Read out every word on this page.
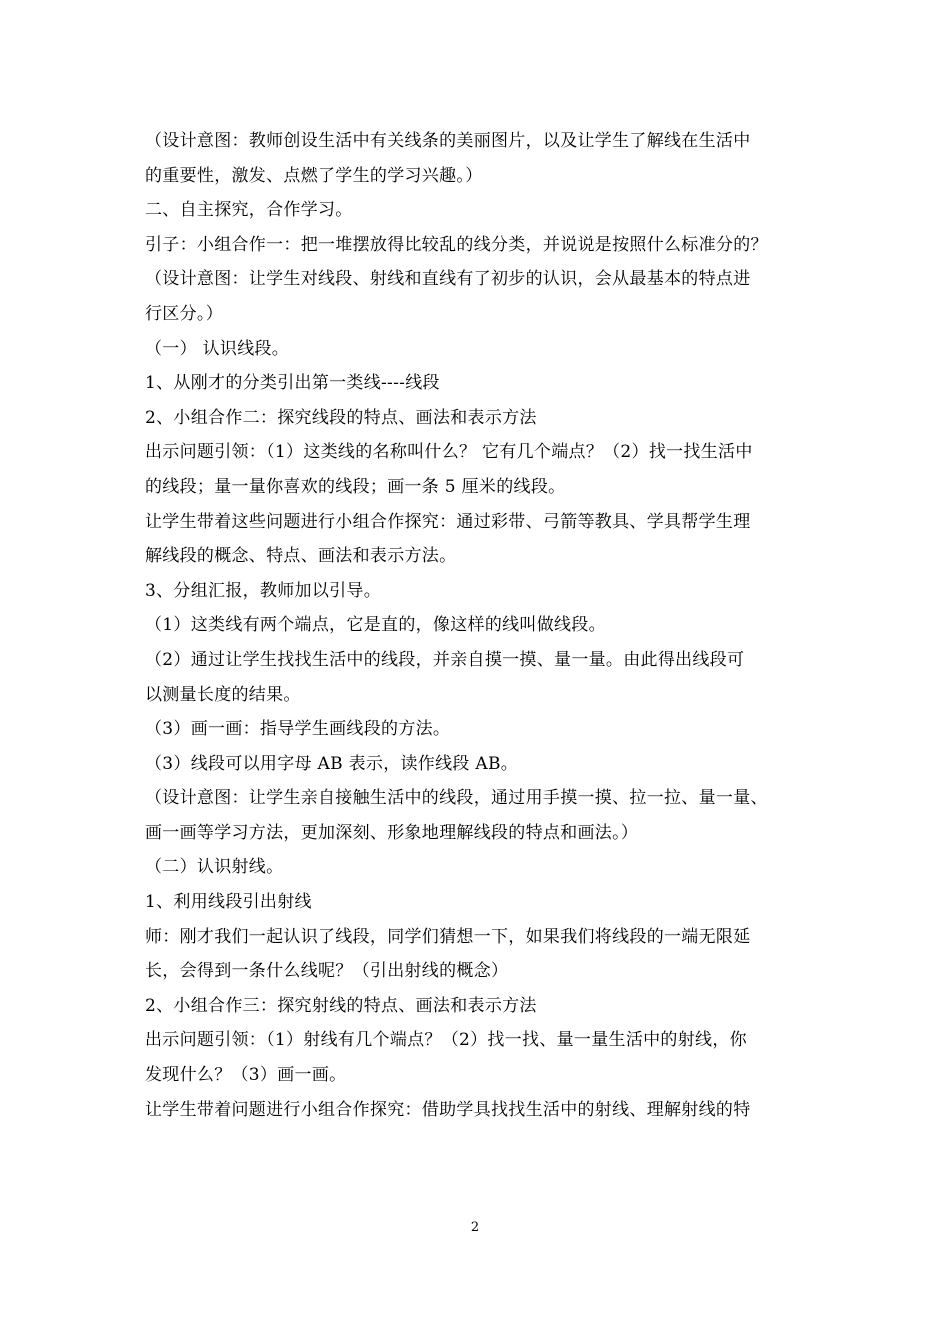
（设计意图：教师创设生活中有关线条的美丽图片，以及让学生了解线在生活中
的重要性，激发、点燃了学生的学习兴趣。）
二、自主探究，合作学习。
引子：小组合作一：把一堆摆放得比较乱的线分类，并说说是按照什么标准分的？
（设计意图：让学生对线段、射线和直线有了初步的认识，会从最基本的特点进
行区分。）
（一） 认识线段。
1、从刚才的分类引出第一类线----线段
2、小组合作二：探究线段的特点、画法和表示方法
出示问题引领：（1）这类线的名称叫什么？ 它有几个端点？（2）找一找生活中
的线段；量一量你喜欢的线段；画一条 5 厘米的线段。
让学生带着这些问题进行小组合作探究：通过彩带、弓箭等教具、学具帮学生理
解线段的概念、特点、画法和表示方法。
3、分组汇报，教师加以引导。
（1）这类线有两个端点，它是直的，像这样的线叫做线段。
（2）通过让学生找找生活中的线段，并亲自摸一摸、量一量。由此得出线段可
以测量长度的结果。
（3）画一画：指导学生画线段的方法。
（3）线段可以用字母 AB 表示，读作线段 AB。
（设计意图：让学生亲自接触生活中的线段，通过用手摸一摸、拉一拉、量一量、
画一画等学习方法，更加深刻、形象地理解线段的特点和画法。）
（二）认识射线。
1、利用线段引出射线
师：刚才我们一起认识了线段，同学们猜想一下，如果我们将线段的一端无限延
长，会得到一条什么线呢？（引出射线的概念）
2、小组合作三：探究射线的特点、画法和表示方法
出示问题引领：（1）射线有几个端点？（2）找一找、量一量生活中的射线，你
发现什么？（3）画一画。
让学生带着问题进行小组合作探究：借助学具找找生活中的射线、理解射线的特
2
